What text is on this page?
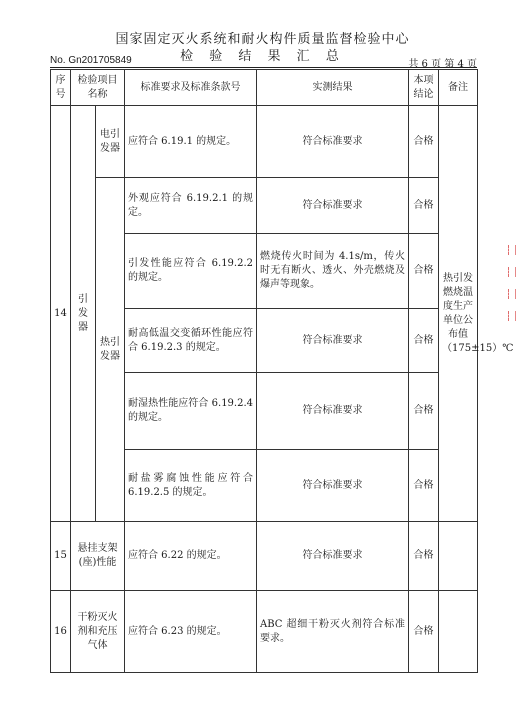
国家固定灭火系统和耐火构件质量监督检验中心
检 验 结 果 汇 总
No. Gn201705849	共 6 页 第 4 页
序号	检验项目名称		标准要求及标准条款号	实测结果	本项结论	备注
14	引发器	电引发器	应符合 6.19.1 的规定。	符合标准要求	合格	热引发燃烧温度生产单位公布值（175±15）℃
		热引发器	外观应符合 6.19.2.1 的规定。	符合标准要求	合格	
			引发性能应符合 6.19.2.2 的规定。	燃烧传火时间为 4.1s/m，传火时无有断火、透火、外壳燃烧及爆声等现象。	合格	
			耐高低温交变循环性能应符合 6.19.2.3 的规定。	符合标准要求	合格	
			耐湿热性能应符合 6.19.2.4 的规定。	符合标准要求	合格	
			耐盐雾腐蚀性能应符合 6.19.2.5 的规定。	符合标准要求	合格	
15	悬挂支架(座)性能		应符合 6.22 的规定。	符合标准要求	合格	
16	干粉灭火剂和充压气体		应符合 6.23 的规定。	ABC 超细干粉灭火剂符合标准要求。	合格	
